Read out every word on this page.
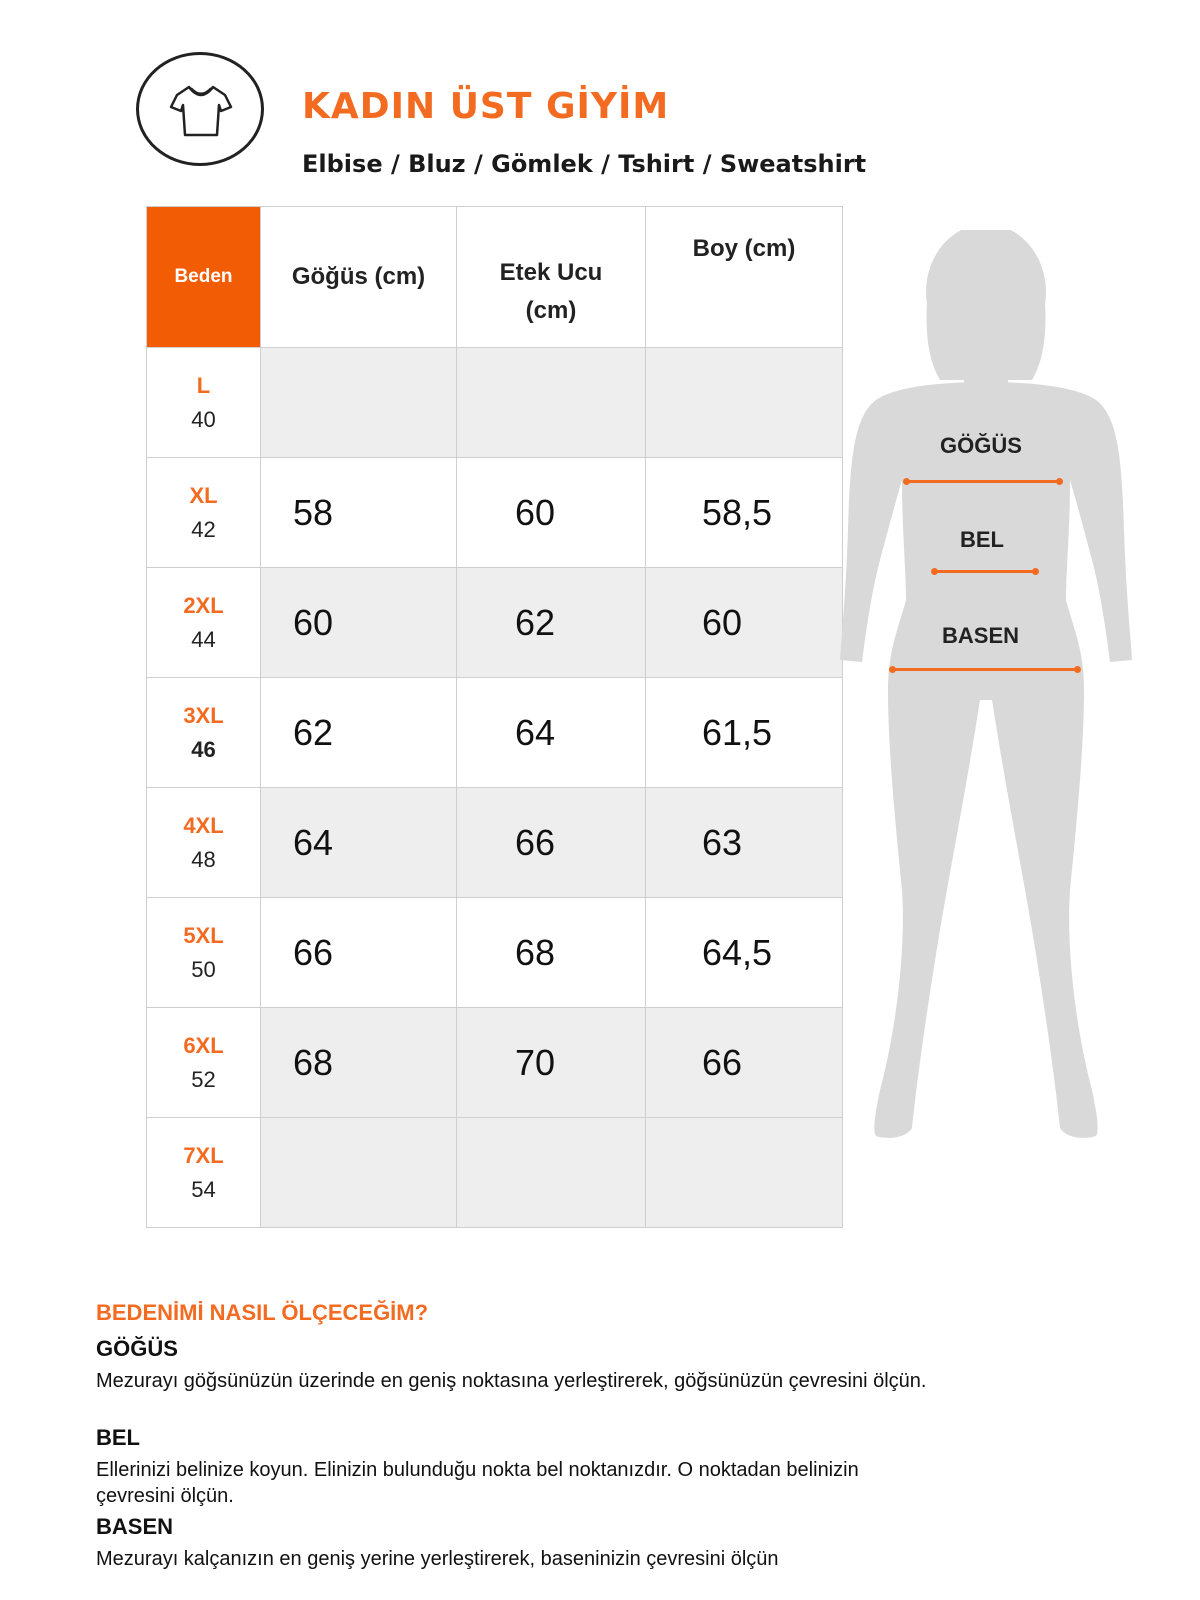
KADIN ÜST GİYİM
Elbise / Bluz / Gömlek / Tshirt / Sweatshirt
Beden	Göğüs (cm)	Etek Ucu (cm)	Boy (cm)

L
40			

XL
42	58	60	58,5

2XL
44	60	62	60

3XL
46	62	64	61,5

4XL
48	64	66	63

5XL
50	66	68	64,5

6XL
52	68	70	66

7XL
54			

GÖĞÜS
BEL
BASEN
BEDENİMİ NASIL ÖLÇECEĞİM?
GÖĞÜS
Mezurayı göğsünüzün üzerinde en geniş noktasına yerleştirerek, göğsünüzün çevresini ölçün.
BEL
Ellerinizi belinize koyun. Elinizin bulunduğu nokta bel noktanızdır. O noktadan belinizin çevresini ölçün.
BASEN
Mezurayı kalçanızın en geniş yerine yerleştirerek, baseninizin çevresini ölçün
